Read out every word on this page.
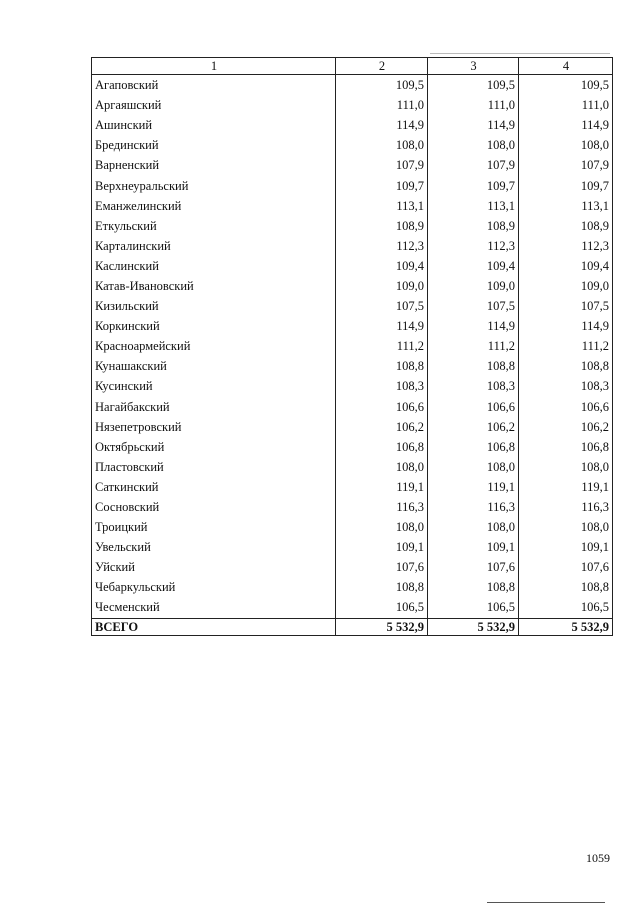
1	2	3	4
Агаповский	109,5	109,5	109,5
Аргаяшский	111,0	111,0	111,0
Ашинский	114,9	114,9	114,9
Брединский	108,0	108,0	108,0
Варненский	107,9	107,9	107,9
Верхнеуральский	109,7	109,7	109,7
Еманжелинский	113,1	113,1	113,1
Еткульский	108,9	108,9	108,9
Карталинский	112,3	112,3	112,3
Каслинский	109,4	109,4	109,4
Катав-Ивановский	109,0	109,0	109,0
Кизильский	107,5	107,5	107,5
Коркинский	114,9	114,9	114,9
Красноармейский	111,2	111,2	111,2
Кунашакский	108,8	108,8	108,8
Кусинский	108,3	108,3	108,3
Нагайбакский	106,6	106,6	106,6
Нязепетровский	106,2	106,2	106,2
Октябрьский	106,8	106,8	106,8
Пластовский	108,0	108,0	108,0
Саткинский	119,1	119,1	119,1
Сосновский	116,3	116,3	116,3
Троицкий	108,0	108,0	108,0
Увельский	109,1	109,1	109,1
Уйский	107,6	107,6	107,6
Чебаркульский	108,8	108,8	108,8
Чесменский	106,5	106,5	106,5
ВСЕГО	5 532,9	5 532,9	5 532,9
1059
